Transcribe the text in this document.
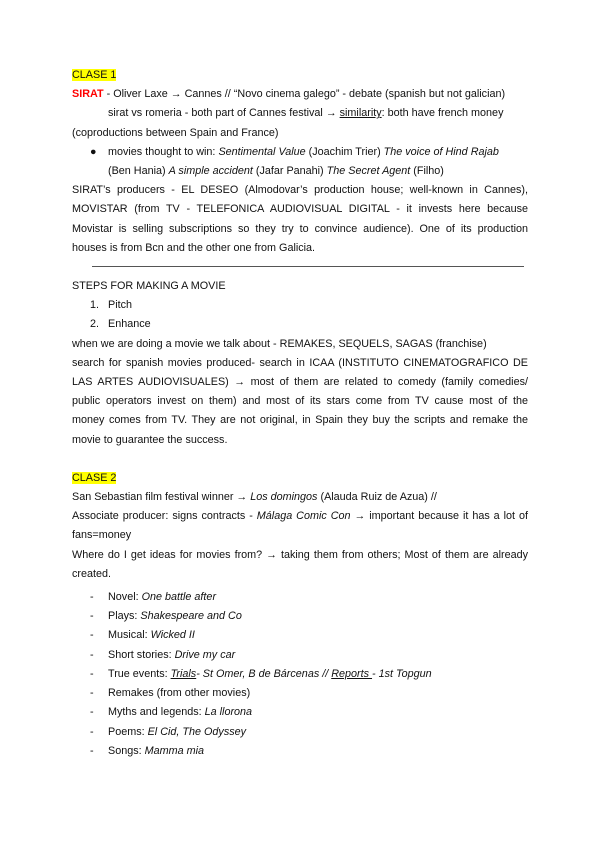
CLASE 1
SIRAT - Oliver Laxe → Cannes // “Novo cinema galego” - debate (spanish but not galician)
sirat vs romeria - both part of Cannes festival → similarity: both have french money
(coproductions between Spain and France)
● movies thought to win: Sentimental Value (Joachim Trier) The voice of Hind Rajab
(Ben Hania) A simple accident (Jafar Panahi) The Secret Agent (Filho)
SIRAT’s producers - EL DESEO (Almodovar’s production house; well-known in Cannes),
MOVISTAR (from TV - TELEFONICA AUDIOVISUAL DIGITAL - it invests here because
Movistar is selling subscriptions so they try to convince audience). One of its production
houses is from Bcn and the other one from Galicia.
STEPS FOR MAKING A MOVIE
1. Pitch
2. Enhance
when we are doing a movie we talk about - REMAKES, SEQUELS, SAGAS (franchise)
search for spanish movies produced- search in ICAA (INSTITUTO CINEMATOGRAFICO DE
LAS ARTES AUDIOVISUALES) → most of them are related to comedy (family comedies/
public operators invest on them) and most of its stars come from TV cause most of the
money comes from TV. They are not original, in Spain they buy the scripts and remake the
movie to guarantee the success.
CLASE 2
San Sebastian film festival winner → Los domingos (Alauda Ruiz de Azua) //
Associate producer: signs contracts - Málaga Comic Con → important because it has a lot of
fans=money
Where do I get ideas for movies from? → taking them from others; Most of them are already
created.
- Novel: One battle after
- Plays: Shakespeare and Co
- Musical: Wicked II
- Short stories: Drive my car
- True events: Trials- St Omer, B de Bárcenas // Reports - 1st Topgun
- Remakes (from other movies)
- Myths and legends: La llorona
- Poems: El Cid, The Odyssey
- Songs: Mamma mia
